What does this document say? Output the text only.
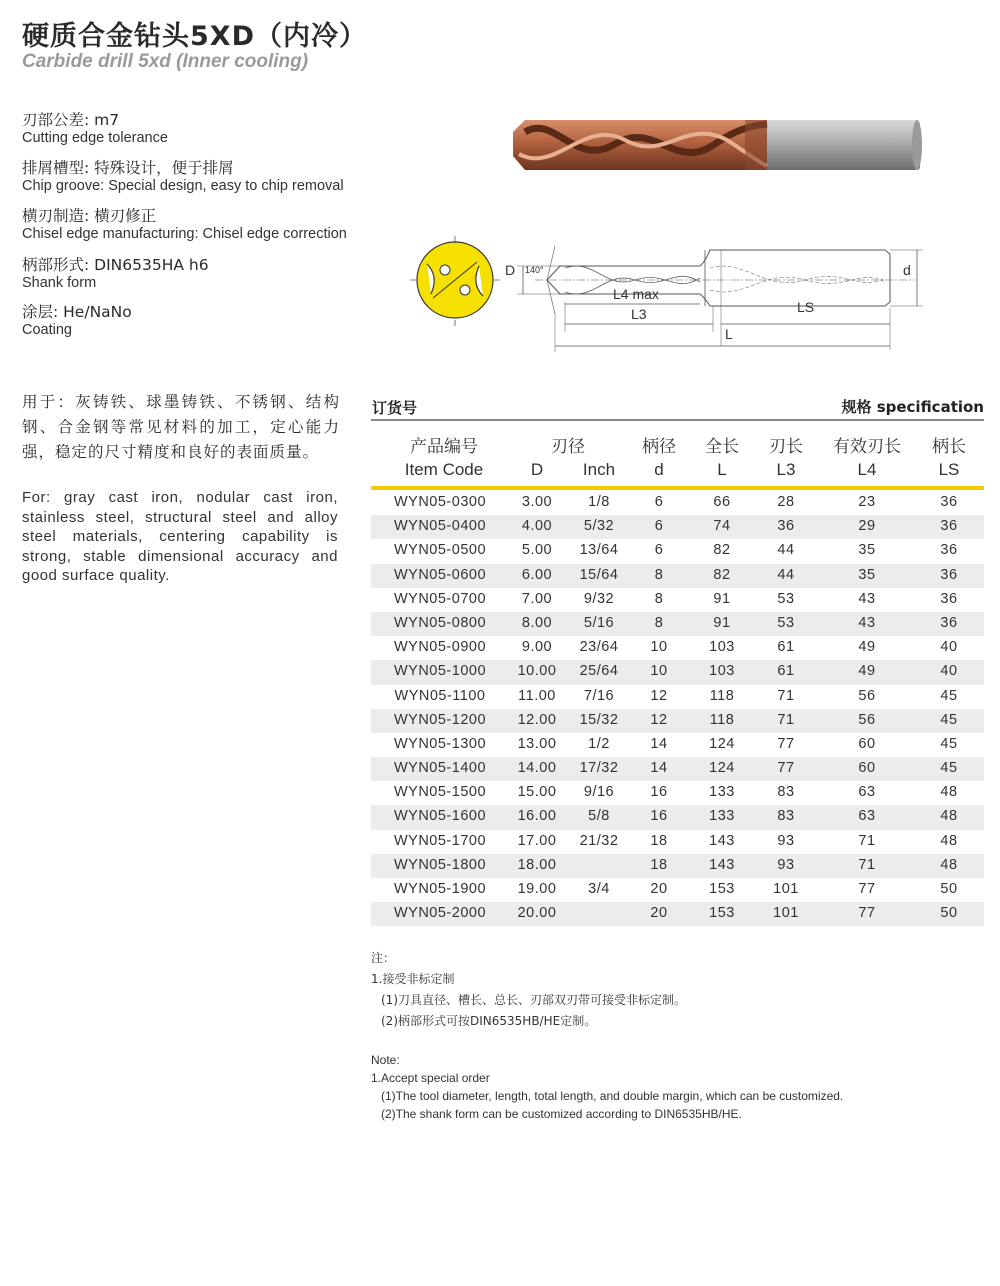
硬质合金钻头5XD（内冷）
Carbide drill 5xd (Inner cooling)
刃部公差: m7
Cutting edge tolerance
排屑槽型: 特殊设计，便于排屑
Chip groove: Special design, easy to chip removal
横刃制造: 横刃修正
Chisel edge manufacturing: Chisel edge correction
柄部形式: DIN6535HA h6
Shank form
涂层: He/NaNo
Coating
D 140°	d
L4 max
L3	LS
L
用于：灰铸铁、球墨铸铁、不锈钢、结构钢、合金钢等常见材料的加工，定心能力强，稳定的尺寸精度和良好的表面质量。
For: gray cast iron, nodular cast iron, stainless steel, structural steel and alloy steel materials, centering capability is strong, stable dimensional accuracy and good surface quality.
订货号	规格 specification
产品编号	刃径	柄径 全长 刃长 有效刃长 柄长
Item Code	D Inch d	L	L3	L4	LS
WYN05-0300 3.00 1/8	6	66	28	23	36
WYN05-0400 4.00 5/32	6	74	36	29	36
WYN05-0500 5.00 13/64	6	82	44	35	36
WYN05-0600 6.00 15/64	8	82	44	35	36
WYN05-0700 7.00 9/32	8	91	53	43	36
WYN05-0800 8.00 5/16	8	91	53	43	36
WYN05-0900 9.00 23/64 10	103	61	49	40
WYN05-1000 10.00 25/64 10	103	61	49	40
WYN05-1100 11.00 7/16	12	118	71	56	45
WYN05-1200 12.00 15/32 12	118	71	56	45
WYN05-1300 13.00 1/2	14	124	77	60	45
WYN05-1400 14.00 17/32 14	124	77	60	45
WYN05-1500 15.00 9/16	16	133	83	63	48
WYN05-1600 16.00 5/8	16	133	83	63	48
WYN05-1700 17.00 21/32 18	143	93	71	48
WYN05-1800 18.00	18	143	93	71	48
WYN05-1900 19.00 3/4	20	153	101	77	50
WYN05-2000 20.00	20	153	101	77	50
注：
1.接受非标定制
(1)刀具直径、槽长、总长、刃部双刃带可接受非标定制。
(2)柄部形式可按DIN6535HB/HE定制。
Note:
1.Accept special order
(1)The tool diameter, length, total length, and double margin, which can be customized.
(2)The shank form can be customized according to DIN6535HB/HE.
